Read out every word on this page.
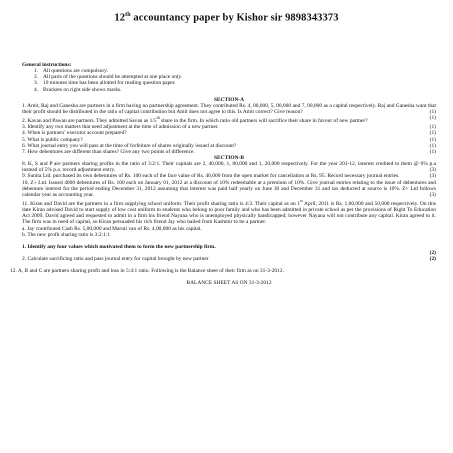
12th accountancy paper by Kishor sir 9898343373
General instructions:
1. All questions are compulsory.
2. All parts of the questions should be attempted at one place only.
3. 10 minutes time has been allotted for reading question paper.
4. Brackets on right side shows marks.
SECTION-A
1. Amit, Raj and Ganesha are partners in a firm having no partnership agreement. They contributed Rs. 4, 00,000, 5, 00,000 and 7, 00,000 as a capital respectively. Raj and Ganesha want that their profit should be distributed in the ratio of capital contribution but Amit does not agree to this. Is Amit correct? Give reason?	(1)
2. Kavan and Pawan are partners. They admitted Savan as 1/5th share in the firm. In which ratio old partners will sacrifice their share in favour of new partner?	(1)
3. Identify any two matters that need adjustment at the time of admission of a new partner.	(1)
4. When is partners’ executor account prepared?	(1)
5. What is public company?	(1)
6. What journal entry you will pass at the time of forfeiture of shares originally issued at discount?	(1)
7. How debentures are different than shares? Give any two points of difference.	(1)
SECTION-B
8. K, S and P are partners sharing profits in the ratio of 3:2:1. Their capitals are 2, 40,000, 1, 80,000 and 1, 20,000 respectively. For the year 201-12, interest credited to them @ 6% p.a instead of 5% p.a. record adjustment entry.	(3)
9. Sunita Ltd. purchased its own debentures of Rs. 100 each of the face value of Rs. 40,000 from the open market for cancellation at Rs. 95. Record necessary journal entries.	(3)
10. Z+ Ltd. Issued 4000 debentures of Rs. 100 each on January 01, 2012 at a discount of 10% redeemable at a premium of 10%. Give journal entries relating to the issue of debentures and debenture interest for the period ending December 31, 2012 assuming that interest was paid half yearly on June 30 and December 31 and tax deducted at source is 10%. Z+ Ltd follows calendar year as accounting year.	(3)
11. Kiran and David are the partners in a firm supplying school uniform. Their profit sharing ratio is 4:3. Their capital as on 1st April, 2011 is Rs. 1,00,000 and 50,000 respectively. On this date Kiran advised David to start supply of low cost uniform to students who belong to poor family and who has been admitted in private school as per the provisions of Right To Education Act 2009. David agreed and requested to admit in a firm his friend Nayana who is unemployed physically handicapped; however Nayana will not contribute any capital. Kiran agreed to it. The firm was in need of capital, so Kiran persuaded his rich friend Jay who hailed from Kashmir to be a partner.
a. Jay contributed Cash Rs. 5,00,000 and Maruti van of Rs. 4,00,000 as his capital.
b. The new profit sharing ratio is 3:2:1:1
1. Identify any four values which motivated them to form the new partnership firm.
(2)
2. Calculate sacrificing ratio and pass journal entry for capital brought by new partner	(2)
12. A, B and C are partners sharing profit and loss in 5:4:1 ratio. Following is the Balance sheet of their firm as on 31-3-2012.
BALANCE SHEET AS ON 31-3-2012
